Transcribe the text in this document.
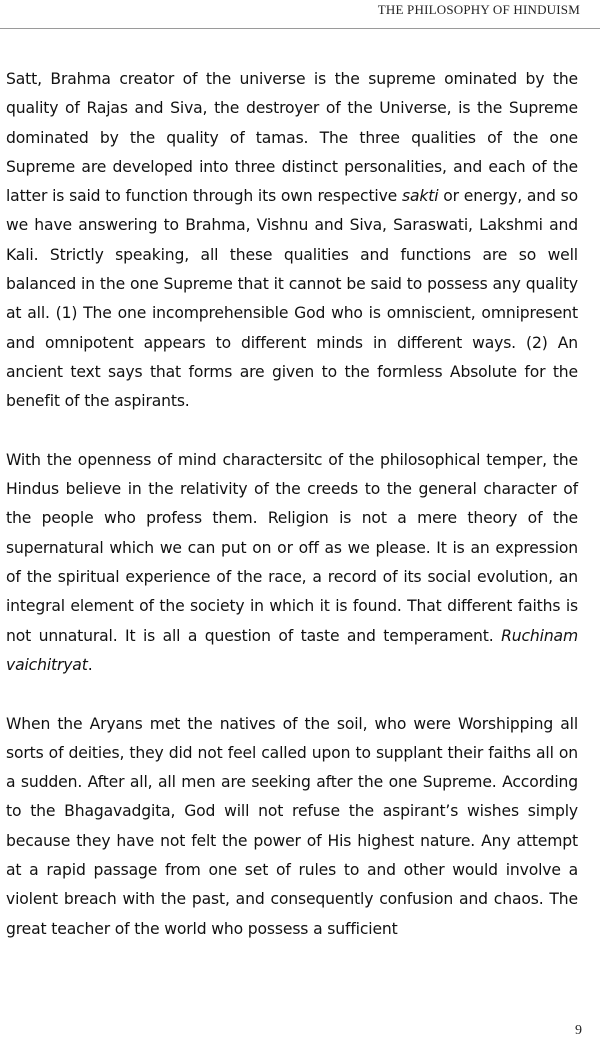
THE PHILOSOPHY OF HINDUISM

Satt, Brahma creator of the universe is the supreme ominated by the quality of Rajas and Siva, the destroyer of the Universe, is the Supreme dominated by the quality of tamas. The three qualities of the one Supreme are developed into three distinct personalities, and each of the latter is said to function through its own respective sakti or energy, and so we have answering to Brahma, Vishnu and Siva, Saraswati, Lakshmi and Kali. Strictly speaking, all these qualities and functions are so well balanced in the one Supreme that it cannot be said to possess any quality at all. (1) The one incomprehensible God who is omniscient, omnipresent and omnipotent appears to different minds in different ways. (2) An ancient text says that forms are given to the formless Absolute for the benefit of the aspirants.

With the openness of mind charactersitc of the philosophical temper, the Hindus believe in the relativity of the creeds to the general character of the people who profess them. Religion is not a mere theory of the supernatural which we can put on or off as we please. It is an expression of the spiritual experience of the race, a record of its social evolution, an integral element of the society in which it is found. That different faiths is not unnatural. It is all a question of taste and temperament. Ruchinam vaichitryat.

When the Aryans met the natives of the soil, who were Worshipping all sorts of deities, they did not feel called upon to supplant their faiths all on a sudden. After all, all men are seeking after the one Supreme. According to the Bhagavadgita, God will not refuse the aspirant’s wishes simply because they have not felt the power of His highest nature. Any attempt at a rapid passage from one set of rules to and other would involve a violent breach with the past, and consequently confusion and chaos. The great teacher of the world who possess a sufficient

9
